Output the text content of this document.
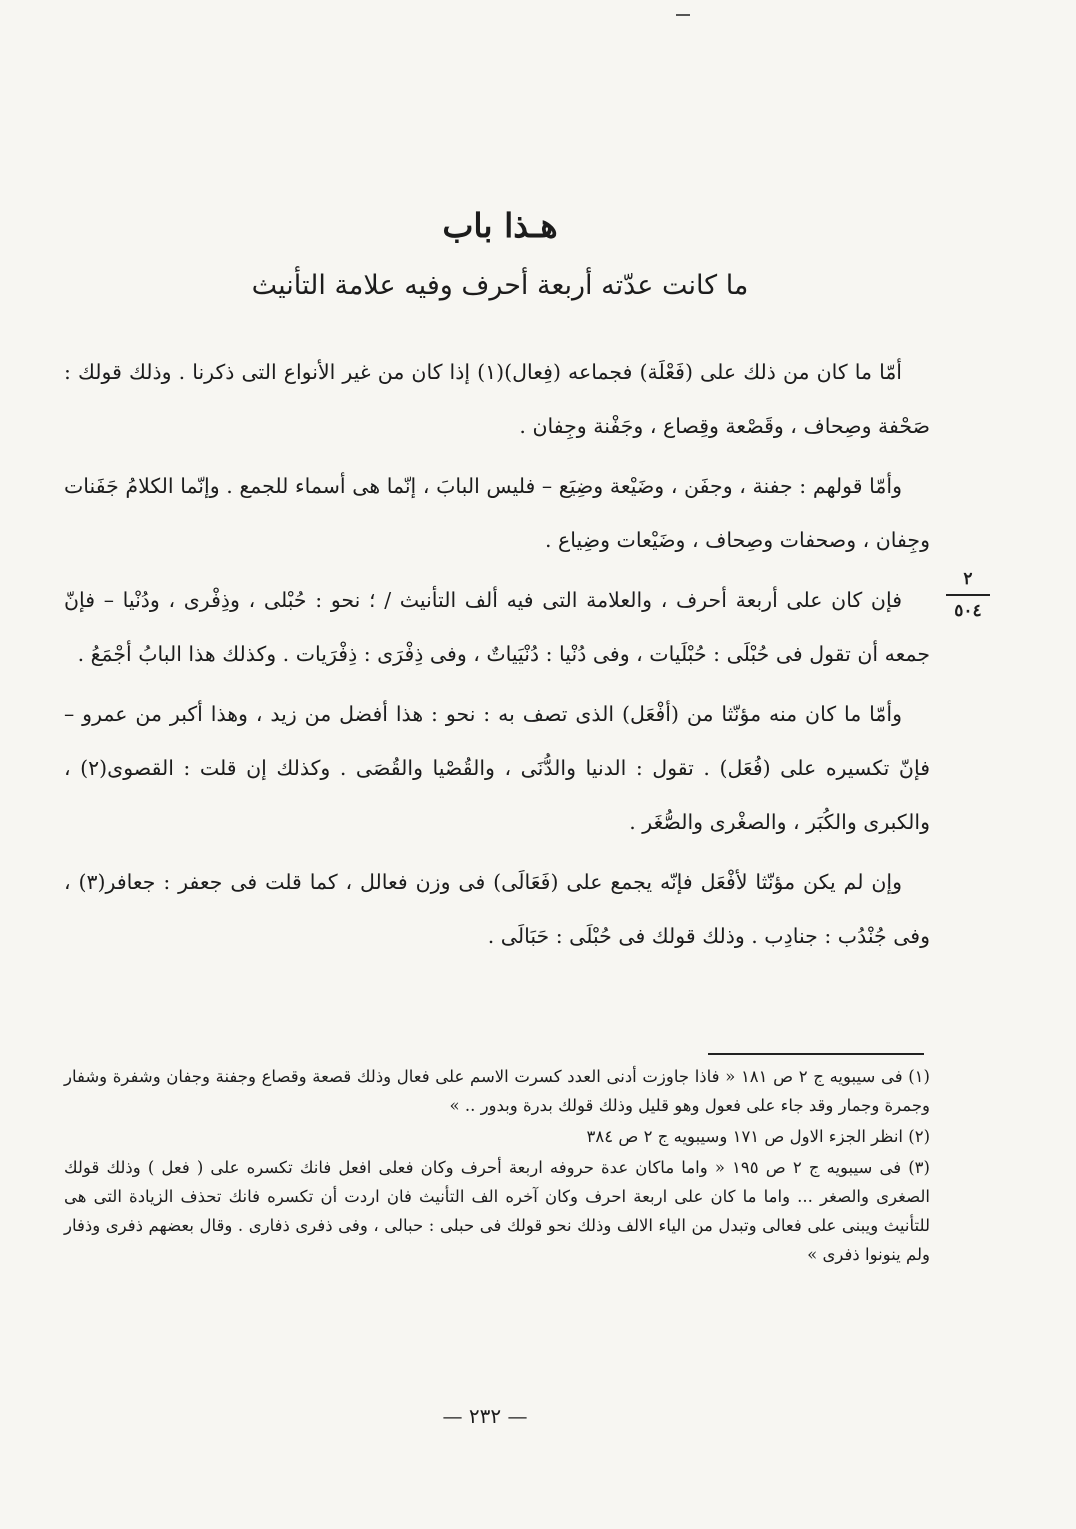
هـذا باب
ما كانت عدّته أربعة أحرف وفيه علامة التأنيث
٢
٥٠٤

أمّا ما كان من ذلك على (فَعْلَة) فجماعه (فِعال)(١) إذا كان من غير الأنواع التى ذكرنا . وذلك قولك : صَحْفة وصِحاف ، وقَصْعة وقِصاع ، وجَفْنة وجِفان .

وأمّا قولهم : جفنة ، وجفَن ، وضَيْعة وضِيَع – فليس البابَ ، إنّما هى أسماء للجمع . وإنّما الكلامُ جَفَنات وجِفان ، وصحفات وصِحاف ، وضَيْعات وضِياع .

فإن كان على أربعة أحرف ، والعلامة التى فيه ألف التأنيث / ؛ نحو : حُبْلى ، وذِفْرى ، ودُنْيا – فإنّ جمعه أن تقول فى حُبْلَى : حُبْلَيات ، وفى دُنْيا : دُنْيَياتٌ ، وفى ذِفْرَى : ذِفْرَيات . وكذلك هذا البابُ أجْمَعُ .

وأمّا ما كان منه مؤنّثا من (أفْعَل) الذى تصف به : نحو : هذا أفضل من زيد ، وهذا أكبر من عمرو – فإنّ تكسيره على (فُعَل) . تقول : الدنيا والدُّنَى ، والقُصْيا والقُصَى . وكذلك إن قلت : القصوى(٢) ، والكبرى والكُبَر ، والصغْرى والصُّغَر .

وإن لم يكن مؤنّثا لأفْعَل فإنّه يجمع على (فَعَالَى) فى وزن فعالل ، كما قلت فى جعفر : جعافر(٣) ، وفى جُنْدُب : جنادِب . وذلك قولك فى حُبْلَى : حَبَالَى .

(١) فى سيبويه ج ٢ ص ١٨١ « فاذا جاوزت أدنى العدد كسرت الاسم على فعال وذلك قصعة وقصاع وجفنة وجفان وشفرة وشفار وجمرة وجمار وقد جاء على فعول وهو قليل وذلك قولك بدرة وبدور .. »

(٢) انظر الجزء الاول ص ١٧١ وسيبويه ج ٢ ص ٣٨٤

(٣) فى سيبويه ج ٢ ص ١٩٥ « واما ماكان عدة حروفه اربعة أحرف وكان فعلى افعل فانك تكسره على ( فعل ) وذلك قولك الصغرى والصغر ... واما ما كان على اربعة احرف وكان آخره الف التأنيث فان اردت أن تكسره فانك تحذف الزيادة التى هى للتأنيث ويبنى على فعالى وتبدل من الياء الالف وذلك نحو قولك فى حبلى : حبالى ، وفى ذفرى ذفارى . وقال بعضهم ذفرى وذفار ولم ينونوا ذفرى »

— ٢٣٢ —
